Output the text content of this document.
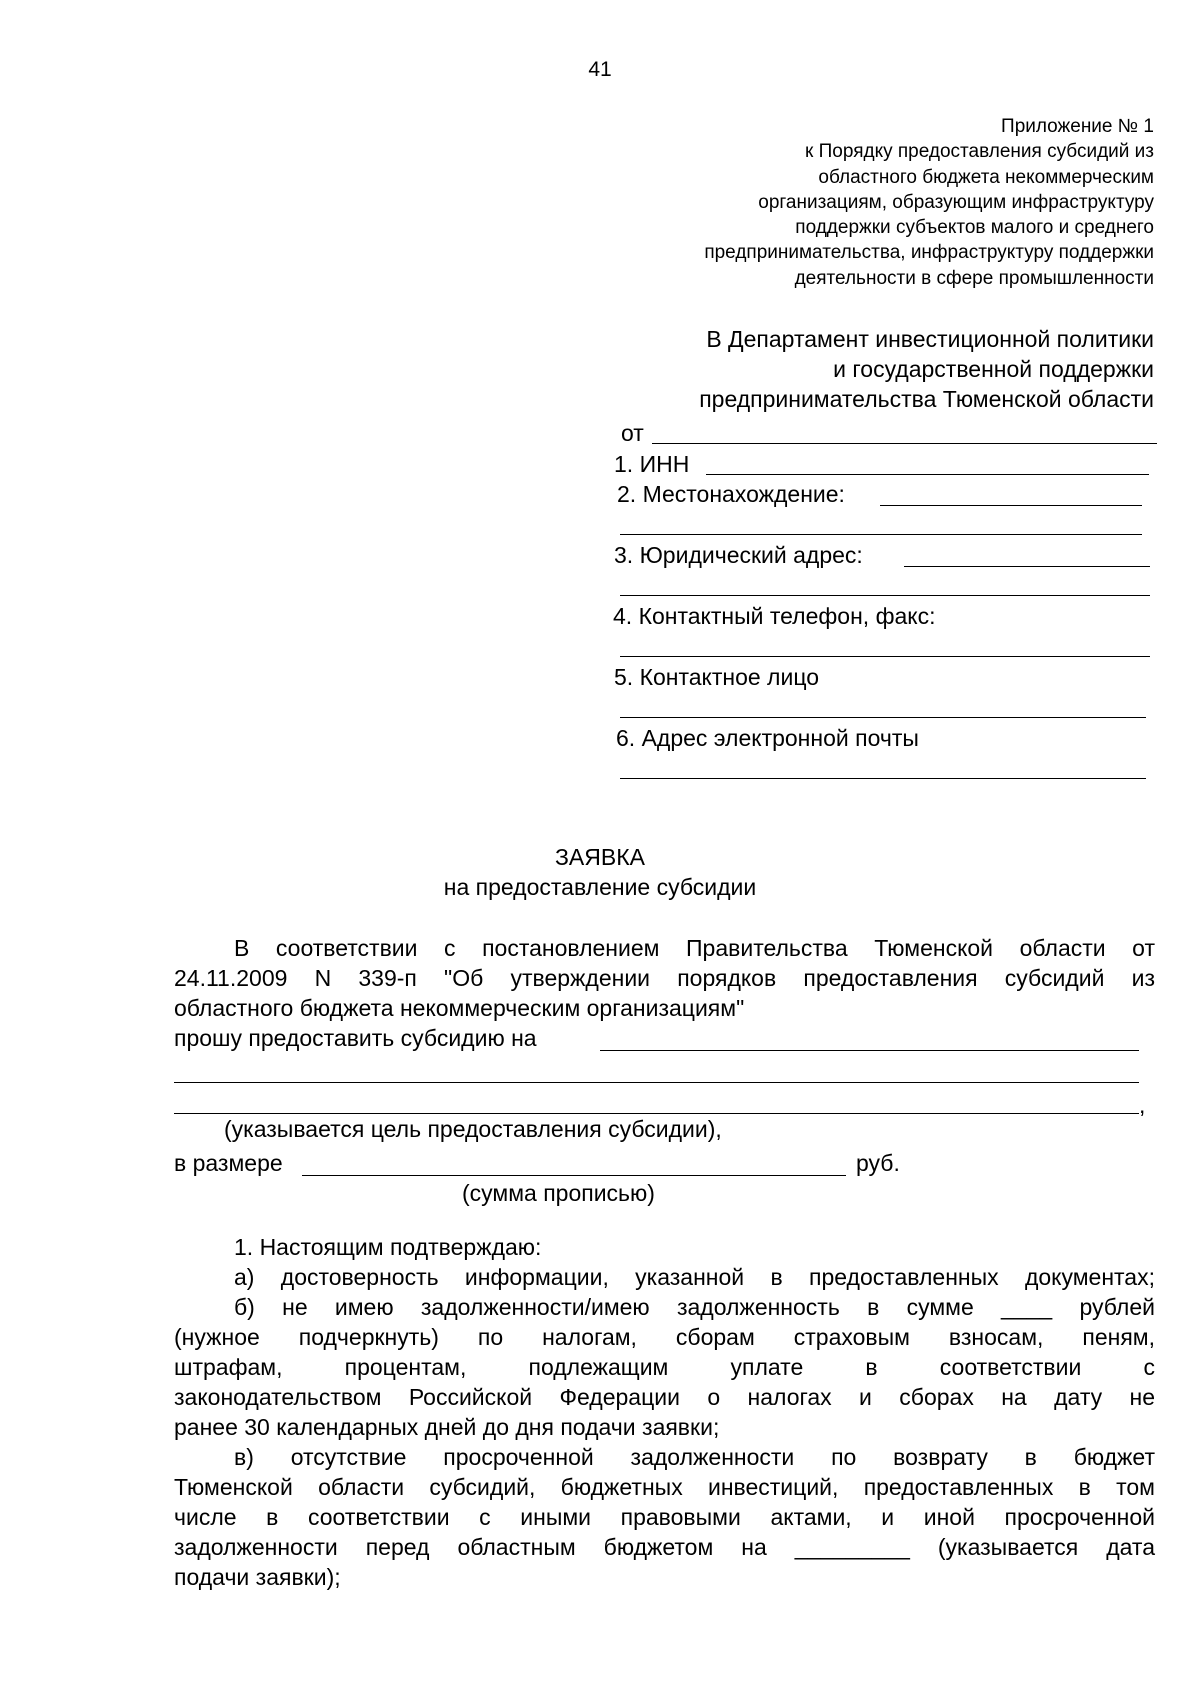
41
Приложение № 1
к Порядку предоставления субсидий из
областного бюджета некоммерческим
организациям, образующим инфраструктуру
поддержки субъектов малого и среднего
предпринимательства, инфраструктуру поддержки
деятельности в сфере промышленности
В Департамент инвестиционной политики
и государственной поддержки
предпринимательства Тюменской области
от
1. ИНН
2. Местонахождение:
3. Юридический адрес:
4. Контактный телефон, факс:
5. Контактное лицо
6. Адрес электронной почты
ЗАЯВКА
на предоставление субсидии
В соответствии с постановлением Правительства Тюменской области от
24.11.2009 N 339-п "Об утверждении порядков предоставления субсидий из
областного бюджета некоммерческим организациям"
прошу предоставить субсидию на
,
(указывается цель предоставления субсидии),
в размере	руб.
(сумма прописью)
1. Настоящим подтверждаю:
а) достоверность информации, указанной в предоставленных документах;
б) не имею задолженности/имею задолженность в сумме ____ рублей
(нужное подчеркнуть) по налогам, сборам страховым взносам, пеням,
штрафам, процентам, подлежащим уплате в соответствии с
законодательством Российской Федерации о налогах и сборах на дату не
ранее 30 календарных дней до дня подачи заявки;
в) отсутствие просроченной задолженности по возврату в бюджет
Тюменской области субсидий, бюджетных инвестиций, предоставленных в том
числе в соответствии с иными правовыми актами, и иной просроченной
задолженности перед областным бюджетом на _________ (указывается дата
подачи заявки);
